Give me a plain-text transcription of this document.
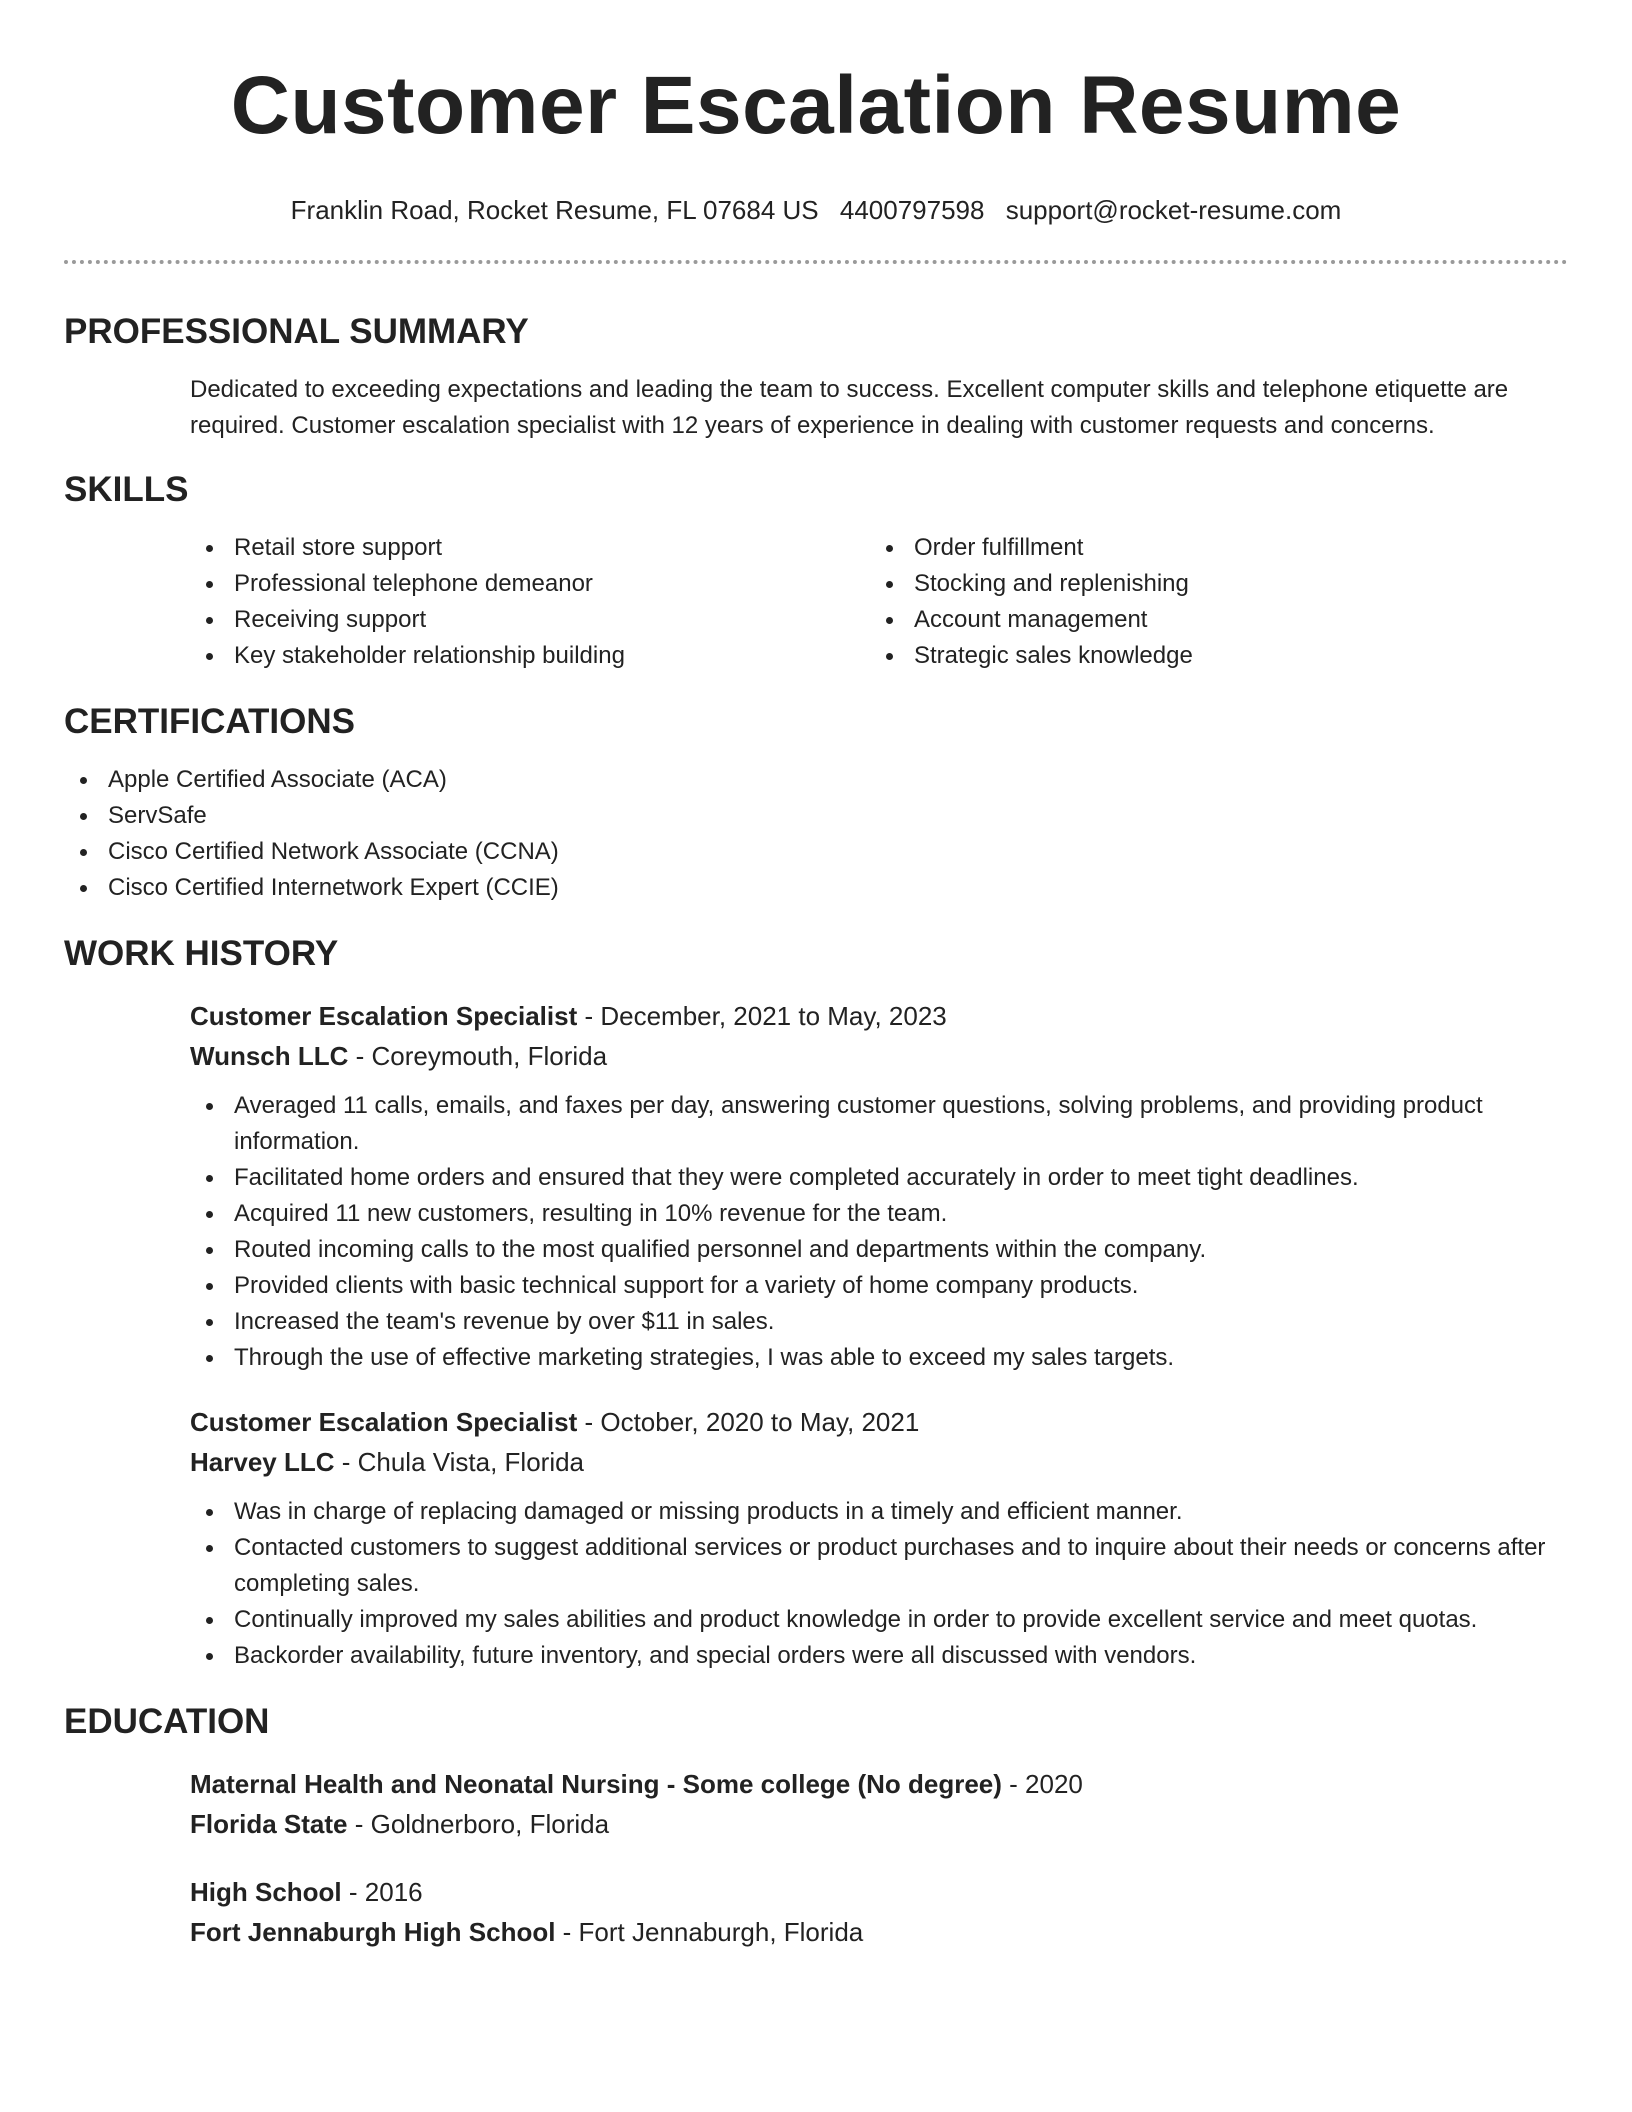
Customer Escalation Resume
Franklin Road, Rocket Resume, FL 07684 US 4400797598 support@rocket-resume.com
PROFESSIONAL SUMMARY
Dedicated to exceeding expectations and leading the team to success. Excellent computer skills and telephone etiquette are required. Customer escalation specialist with 12 years of experience in dealing with customer requests and concerns.
SKILLS
Retail store support
Professional telephone demeanor
Receiving support
Key stakeholder relationship building
Order fulfillment
Stocking and replenishing
Account management
Strategic sales knowledge
CERTIFICATIONS
Apple Certified Associate (ACA)
ServSafe
Cisco Certified Network Associate (CCNA)
Cisco Certified Internetwork Expert (CCIE)
WORK HISTORY
Customer Escalation Specialist - December, 2021 to May, 2023
Wunsch LLC - Coreymouth, Florida
Averaged 11 calls, emails, and faxes per day, answering customer questions, solving problems, and providing product information.
Facilitated home orders and ensured that they were completed accurately in order to meet tight deadlines.
Acquired 11 new customers, resulting in 10% revenue for the team.
Routed incoming calls to the most qualified personnel and departments within the company.
Provided clients with basic technical support for a variety of home company products.
Increased the team's revenue by over $11 in sales.
Through the use of effective marketing strategies, I was able to exceed my sales targets.
Customer Escalation Specialist - October, 2020 to May, 2021
Harvey LLC - Chula Vista, Florida
Was in charge of replacing damaged or missing products in a timely and efficient manner.
Contacted customers to suggest additional services or product purchases and to inquire about their needs or concerns after completing sales.
Continually improved my sales abilities and product knowledge in order to provide excellent service and meet quotas.
Backorder availability, future inventory, and special orders were all discussed with vendors.
EDUCATION
Maternal Health and Neonatal Nursing - Some college (No degree) - 2020
Florida State - Goldnerboro, Florida
High School - 2016
Fort Jennaburgh High School - Fort Jennaburgh, Florida
